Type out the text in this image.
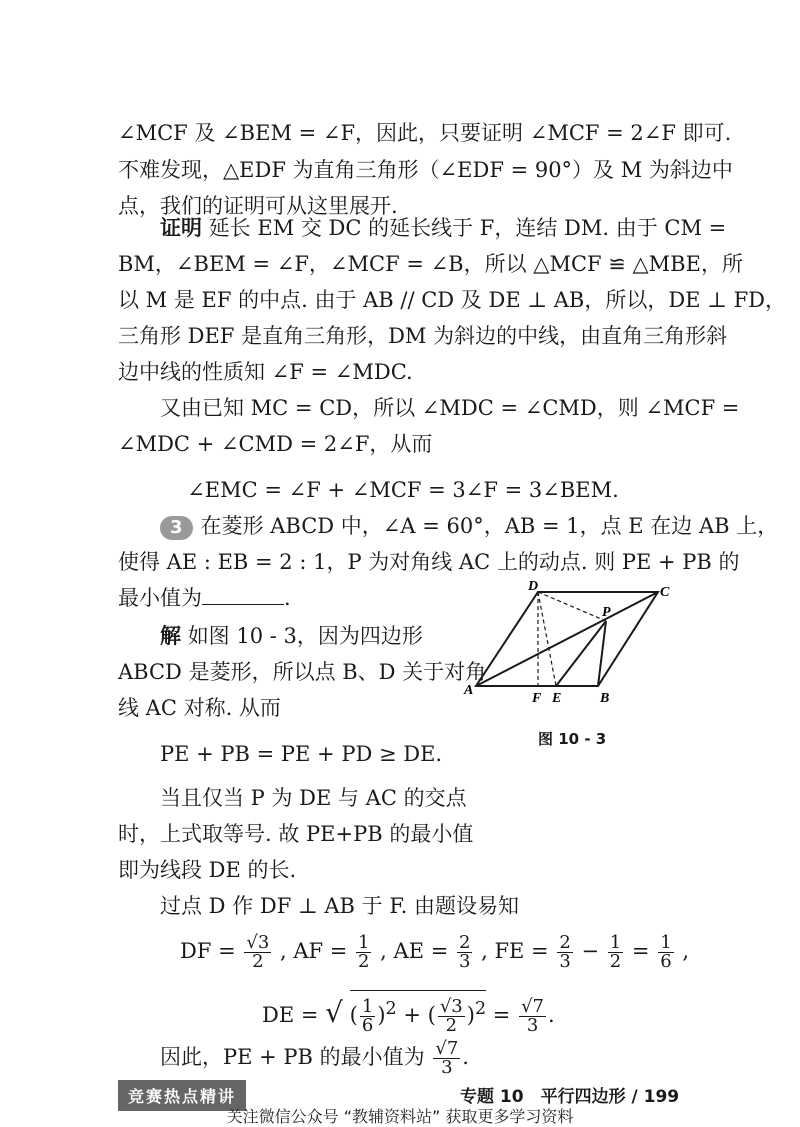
∠MCF 及 ∠BEM = ∠F，因此，只要证明 ∠MCF = 2∠F 即可.
不难发现，△EDF 为直角三角形（∠EDF = 90°）及 M 为斜边中
点，我们的证明可从这里展开.
证明 延长 EM 交 DC 的延长线于 F，连结 DM. 由于 CM =
BM，∠BEM = ∠F，∠MCF = ∠B，所以 △MCF ≌ △MBE，所
以 M 是 EF 的中点. 由于 AB // CD 及 DE ⊥ AB，所以，DE ⊥ FD，
三角形 DEF 是直角三角形，DM 为斜边的中线，由直角三角形斜
边中线的性质知 ∠F = ∠MDC.
又由已知 MC = CD，所以 ∠MDC = ∠CMD，则 ∠MCF =
∠MDC + ∠CMD = 2∠F，从而
∠EMC = ∠F + ∠MCF = 3∠F = 3∠BEM.
3 在菱形 ABCD 中，∠A = 60°，AB = 1，点 E 在边 AB 上，
使得 AE : EB = 2 : 1，P 为对角线 AC 上的动点. 则 PE + PB 的
最小值为	.
解 如图 10 - 3，因为四边形
ABCD 是菱形，所以点 B、D 关于对角
线 AC 对称. 从而
PE + PB = PE + PD ≥ DE.
当且仅当 P 为 DE 与 AC 的交点
时，上式取等号. 故 PE+PB 的最小值
即为线段 DE 的长.
过点 D 作 DF ⊥ AB 于 F. 由题设易知
DF = $\frac{√3}{2}$ , AF = $\frac{1}{2}$ , AE = $\frac{2}{3}$ , FE = $\frac{2}{3} - \frac{1}{2} = \frac{1}{6}$ ,
DE = √ ( $\frac{1}{6} )^2$ + ( $\frac{√3}{2} )^2 = \frac{√7}{3}$ .
A
B
C
D
E
F
P
图 10 - 3
因此，PE + PB 的最小值为 $\frac{√7}{3}$ .
竞赛热点精讲	专题 10　平行四边形 / 199
关注微信公众号 “教辅资料站” 获取更多学习资料
